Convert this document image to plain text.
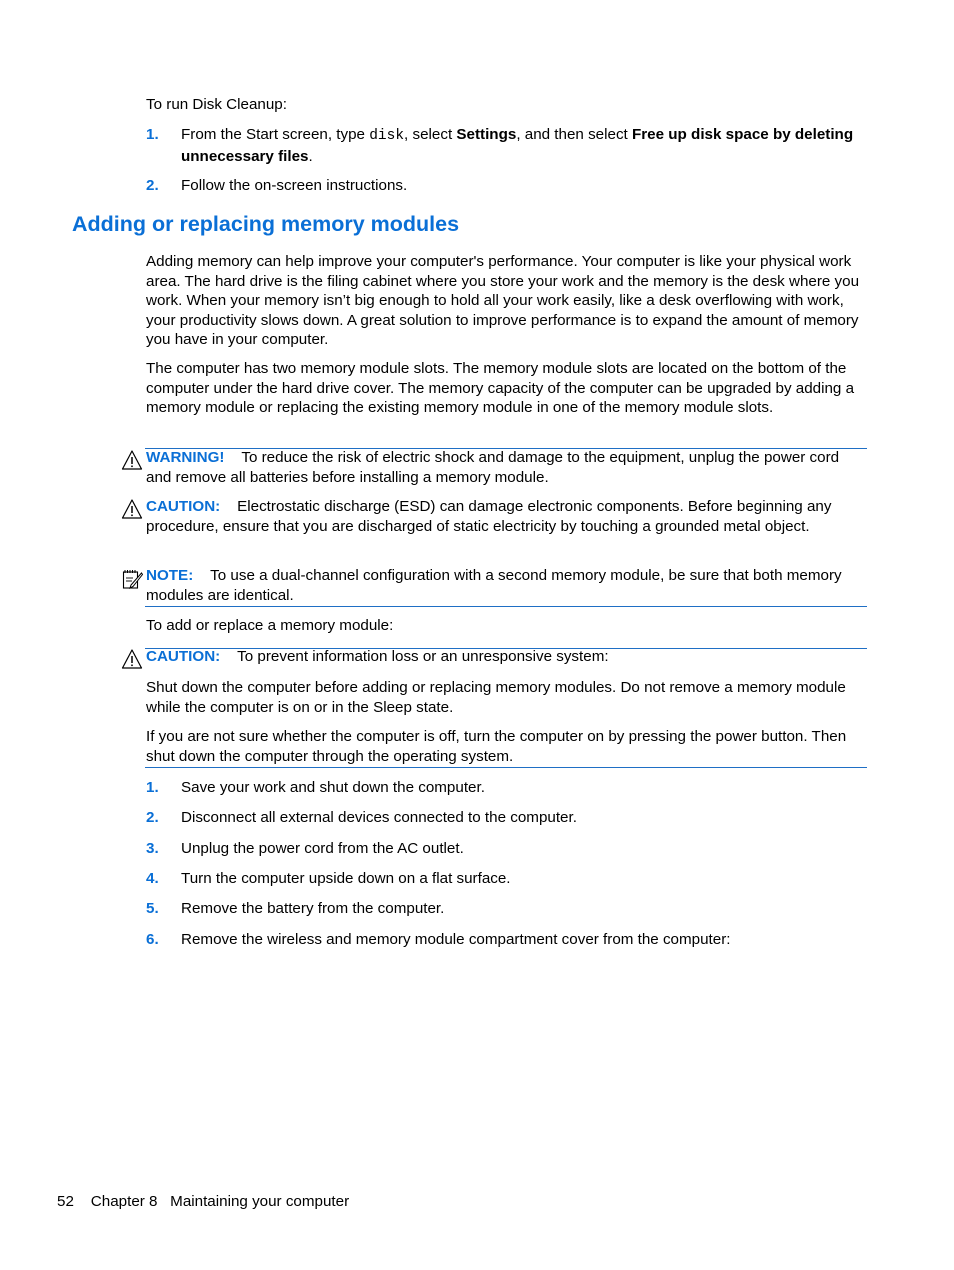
To run Disk Cleanup:

1. From the Start screen, type disk, select Settings, and then select Free up disk space by deleting unnecessary files.
2. Follow the on-screen instructions.
Adding or replacing memory modules

Adding memory can help improve your computer's performance. Your computer is like your physical work area. The hard drive is the filing cabinet where you store your work and the memory is the desk where you work. When your memory isn’t big enough to hold all your work easily, like a desk overflowing with work, your productivity slows down. A great solution to improve performance is to expand the amount of memory you have in your computer.

The computer has two memory module slots. The memory module slots are located on the bottom of the computer under the hard drive cover. The memory capacity of the computer can be upgraded by adding a memory module or replacing the existing memory module in one of the memory module slots.

WARNING! To reduce the risk of electric shock and damage to the equipment, unplug the power cord and remove all batteries before installing a memory module.
CAUTION: Electrostatic discharge (ESD) can damage electronic components. Before beginning any procedure, ensure that you are discharged of static electricity by touching a grounded metal object.
NOTE: To use a dual-channel configuration with a second memory module, be sure that both memory modules are identical.

To add or replace a memory module:

CAUTION: To prevent information loss or an unresponsive system:

Shut down the computer before adding or replacing memory modules. Do not remove a memory module while the computer is on or in the Sleep state.

If you are not sure whether the computer is off, turn the computer on by pressing the power button. Then shut down the computer through the operating system.

1. Save your work and shut down the computer.
2. Disconnect all external devices connected to the computer.
3. Unplug the power cord from the AC outlet.
4. Turn the computer upside down on a flat surface.
5. Remove the battery from the computer.
6. Remove the wireless and memory module compartment cover from the computer:
52 Chapter 8 Maintaining your computer
